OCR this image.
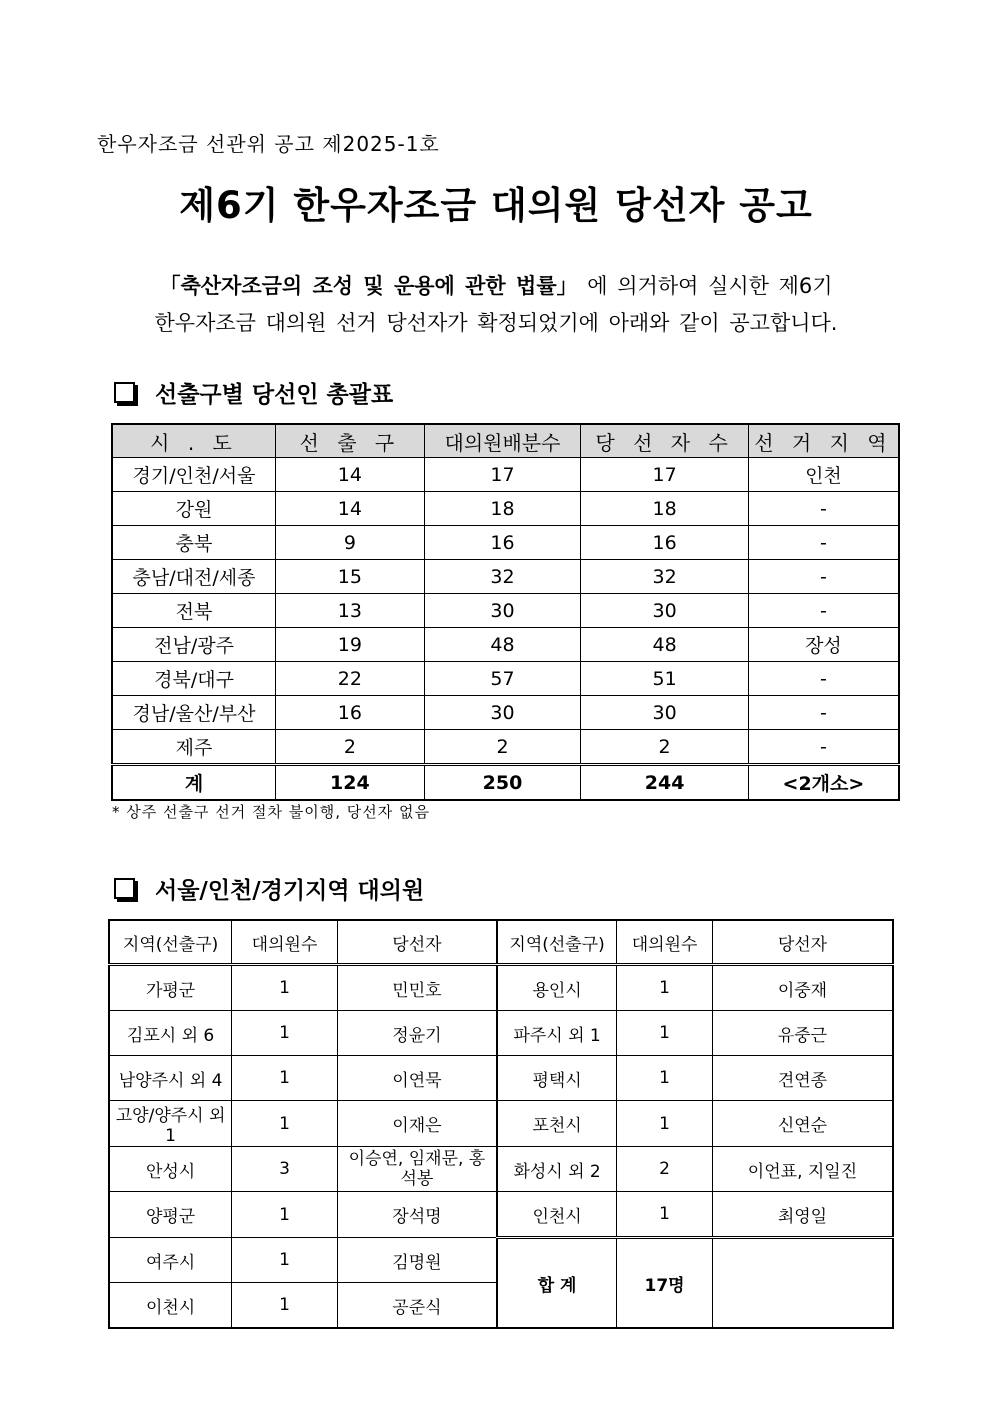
한우자조금 선관위 공고 제2025-1호
제6기 한우자조금 대의원 당선자 공고
「축산자조금의 조성 및 운용에 관한 법률」 에 의거하여 실시한 제6기
한우자조금 대의원 선거 당선자가 확정되었기에 아래와 같이 공고합니다.
선출구별 당선인 총괄표
시 . 도	선 출 구	대의원배분수	당 선 자 수	선 거 지 역
경기/인천/서울	14	17	17	인천
강원	14	18	18	-
충북	9	16	16	-
충남/대전/세종	15	32	32	-
전북	13	30	30	-
전남/광주	19	48	48	장성
경북/대구	22	57	51	-
경남/울산/부산	16	30	30	-
제주	2	2	2	-
계	124	250	244	<2개소>
* 상주 선출구 선거 절차 불이행, 당선자 없음
서울/인천/경기지역 대의원
지역(선출구)	대의원수	당선자	지역(선출구)	대의원수	당선자
가평군	1	민민호	용인시	1	이중재
김포시 외 6	1	정윤기	파주시 외 1	1	유중근
남양주시 외 4	1	이연묵	평택시	1	견연종
고양/양주시 외 1	1	이재은	포천시	1	신연순
안성시	3	이승연, 임재문, 홍석봉	화성시 외 2	2	이언표, 지일진
양평군	1	장석명	인천시	1	최영일
여주시	1	김명원	합 계	17명	
이천시	1	공준식			
